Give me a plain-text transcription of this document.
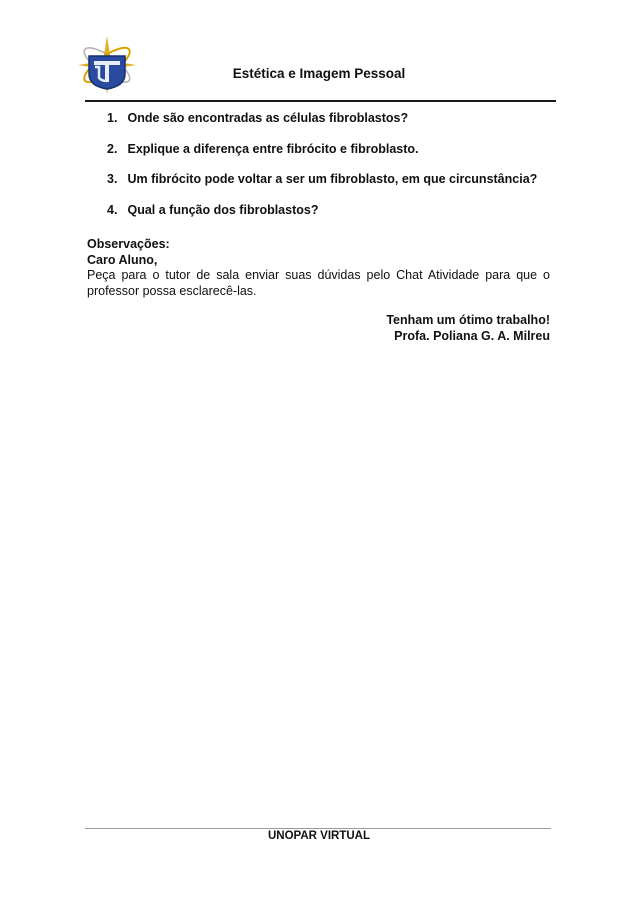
Estética e Imagem Pessoal
1. Onde são encontradas as células fibroblastos?
2. Explique a diferença entre fibrócito e fibroblasto.
3. Um fibrócito pode voltar a ser um fibroblasto, em que circunstância?
4. Qual a função dos fibroblastos?
Observações:
Caro Aluno,
Peça para o tutor de sala enviar suas dúvidas pelo Chat Atividade para que o professor possa esclarecê-las.
Tenham um ótimo trabalho!
Profa. Poliana G. A. Milreu
UNOPAR VIRTUAL
